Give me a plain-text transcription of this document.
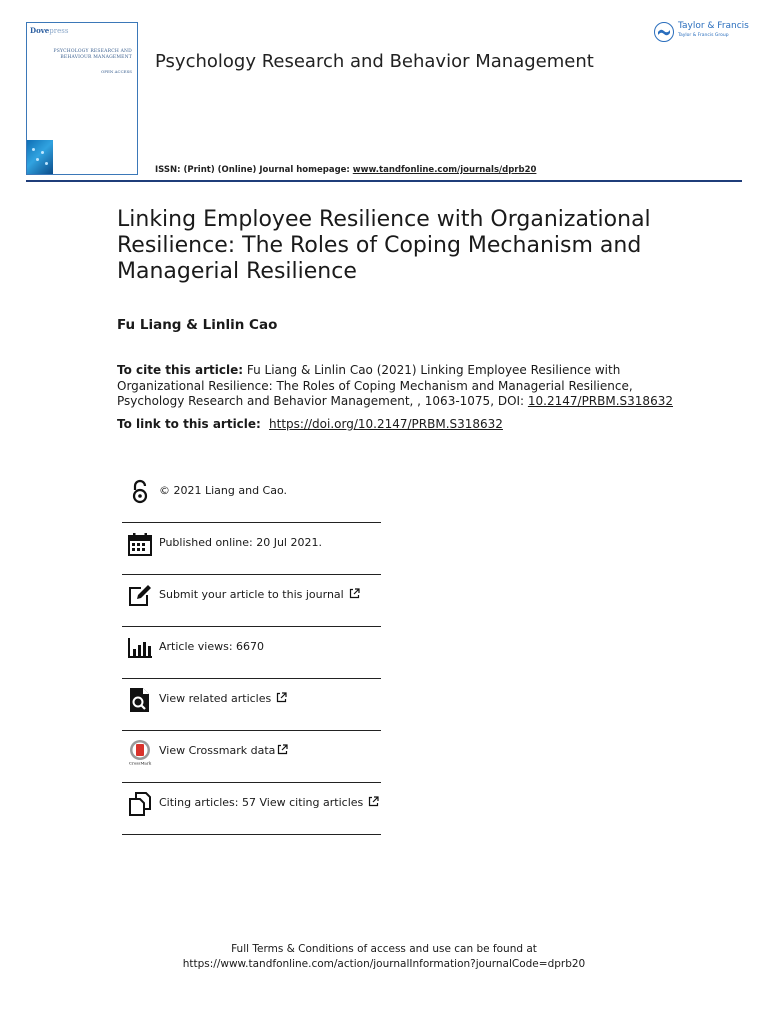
Dovepress
PSYCHOLOGY RESEARCH AND
BEHAVIOUR MANAGEMENT
OPEN ACCESS Psychology Research and Behavior Management
ISSN: (Print) (Online) Journal homepage: www.tandfonline.com/journals/dprb20
Taylor & Francis
Taylor & Francis Group
Linking Employee Resilience with Organizational Resilience: The Roles of Coping Mechanism and Managerial Resilience
Fu Liang & Linlin Cao
To cite this article: Fu Liang & Linlin Cao (2021) Linking Employee Resilience with Organizational Resilience: The Roles of Coping Mechanism and Managerial Resilience, Psychology Research and Behavior Management, , 1063-1075, DOI: 10.2147/PRBM.S318632
To link to this article: https://doi.org/10.2147/PRBM.S318632
© 2021 Liang and Cao.
Published online: 20 Jul 2021.
Submit your article to this journal
Article views: 6670
View related articles
CrossMark
View Crossmark data
Citing articles: 57 View citing articles
Full Terms & Conditions of access and use can be found at
https://www.tandfonline.com/action/journalInformation?journalCode=dprb20
